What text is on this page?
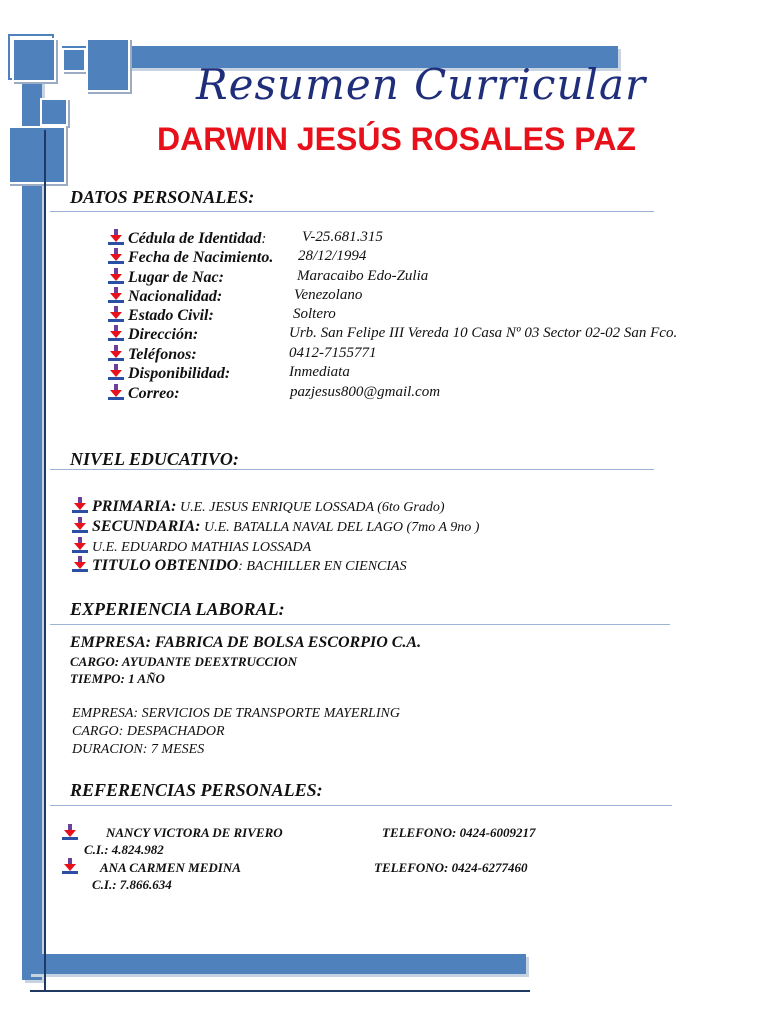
Resumen Curricular
DARWIN JESÚS ROSALES PAZ
DATOS PERSONALES:
Cédula de Identidad: V-25.681.315
Fecha de Nacimiento. 28/12/1994
Lugar de Nac:	Maracaibo Edo-Zulia
Nacionalidad:	Venezolano
Estado Civil:	Soltero
Dirección:	Urb. San Felipe III Vereda 10 Casa Nº 03 Sector 02-02 San Fco.
Teléfonos:	0412-7155771
Disponibilidad:	Inmediata
Correo:	pazjesus800@gmail.com
NIVEL EDUCATIVO:
PRIMARIA: U.E. JESUS ENRIQUE LOSSADA (6to Grado)
SECUNDARIA: U.E. BATALLA NAVAL DEL LAGO (7mo A 9no )
U.E. EDUARDO MATHIAS LOSSADA
TITULO OBTENIDO: BACHILLER EN CIENCIAS
EXPERIENCIA LABORAL:
EMPRESA: FABRICA DE BOLSA ESCORPIO C.A.
CARGO: AYUDANTE DEEXTRUCCION
TIEMPO: 1 AÑO
EMPRESA: SERVICIOS DE TRANSPORTE MAYERLING
CARGO: DESPACHADOR
DURACION: 7 MESES
REFERENCIAS PERSONALES:
NANCY VICTORA DE RIVERO	TELEFONO: 0424-6009217
C.I.: 4.824.982
ANA CARMEN MEDINA	TELEFONO: 0424-6277460
C.I.: 7.866.634
